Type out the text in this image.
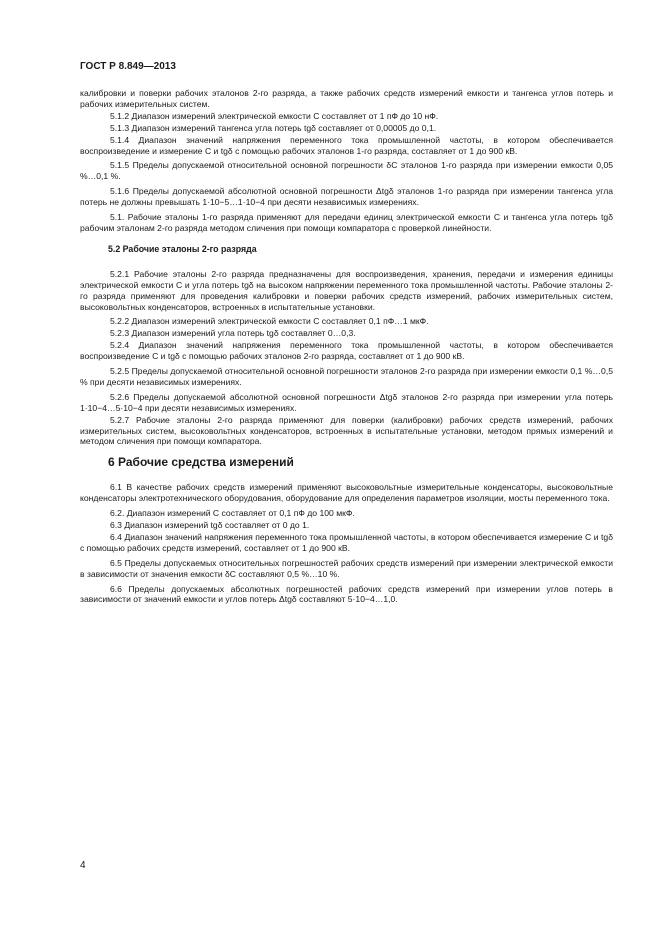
ГОСТ Р 8.849—2013

калибровки и поверки рабочих эталонов 2-го разряда, а также рабочих средств измерений емкости и тангенса углов потерь и рабочих измерительных систем.

5.1.2 Диапазон измерений электрической емкости C составляет от 1 пФ до 10 нФ.

5.1.3 Диапазон измерений тангенса угла потерь tgδ составляет от 0,00005 до 0,1.

5.1.4 Диапазон значений напряжения переменного тока промышленной частоты, в котором обеспечивается воспроизведение и измерение C и tgδ с помощью рабочих эталонов 1-го разряда, составляет от 1 до 900 кВ.

5.1.5 Пределы допускаемой относительной основной погрешности δC эталонов 1-го разряда при измерении емкости 0,05 %…0,1 %.

5.1.6 Пределы допускаемой абсолютной основной погрешности Δtgδ эталонов 1-го разряда при измерении тангенса угла потерь не должны превышать 1·10−5…1·10−4 при десяти независимых измерениях.

5.1. Рабочие эталоны 1-го разряда применяют для передачи единиц электрической емкости C и тангенса угла потерь tgδ рабочим эталонам 2-го разряда методом сличения при помощи компаратора с проверкой линейности.

5.2 Рабочие эталоны 2-го разряда

5.2.1 Рабочие эталоны 2-го разряда предназначены для воспроизведения, хранения, передачи и измерения единицы электрической емкости C и угла потерь tgδ на высоком напряжении переменного тока промышленной частоты. Рабочие эталоны 2-го разряда применяют для проведения калибровки и поверки рабочих средств измерений, рабочих измерительных систем, высоковольтных конденсаторов, встроенных в испытательные установки.

5.2.2 Диапазон измерений электрической емкости C составляет 0,1 пФ…1 мкФ.

5.2.3 Диапазон измерений угла потерь tgδ составляет 0…0,3.

5.2.4 Диапазон значений напряжения переменного тока промышленной частоты, в котором обеспечивается воспроизведение C и tgδ с помощью рабочих эталонов 2-го разряда, составляет от 1 до 900 кВ.

5.2.5 Пределы допускаемой относительной основной погрешности эталонов 2-го разряда при измерении емкости 0,1 %…0,5 % при десяти независимых измерениях.

5.2.6 Пределы допускаемой абсолютной основной погрешности Δtgδ эталонов 2-го разряда при измерении угла потерь 1·10−4…5·10−4 при десяти независимых измерениях.

5.2.7 Рабочие эталоны 2-го разряда применяют для поверки (калибровки) рабочих средств измерений, рабочих измерительных систем, высоковольтных конденсаторов, встроенных в испытательные установки, методом прямых измерений и методом сличения при помощи компаратора.

6 Рабочие средства измерений

6.1 В качестве рабочих средств измерений применяют высоковольтные измерительные конденсаторы, высоковольтные конденсаторы электротехнического оборудования, оборудование для определения параметров изоляции, мосты переменного тока.

6.2. Диапазон измерений C составляет от 0,1 пФ до 100 мкФ.

6.3 Диапазон измерений tgδ составляет от 0 до 1.

6.4 Диапазон значений напряжения переменного тока промышленной частоты, в котором обеспечивается измерение C и tgδ с помощью рабочих средств измерений, составляет от 1 до 900 кВ.

6.5 Пределы допускаемых относительных погрешностей рабочих средств измерений при измерении электрической емкости в зависимости от значения емкости δC составляют 0,5 %…10 %.

6.6 Пределы допускаемых абсолютных погрешностей рабочих средств измерений при измерении углов потерь в зависимости от значений емкости и углов потерь Δtgδ составляют 5·10−4…1,0.

4
